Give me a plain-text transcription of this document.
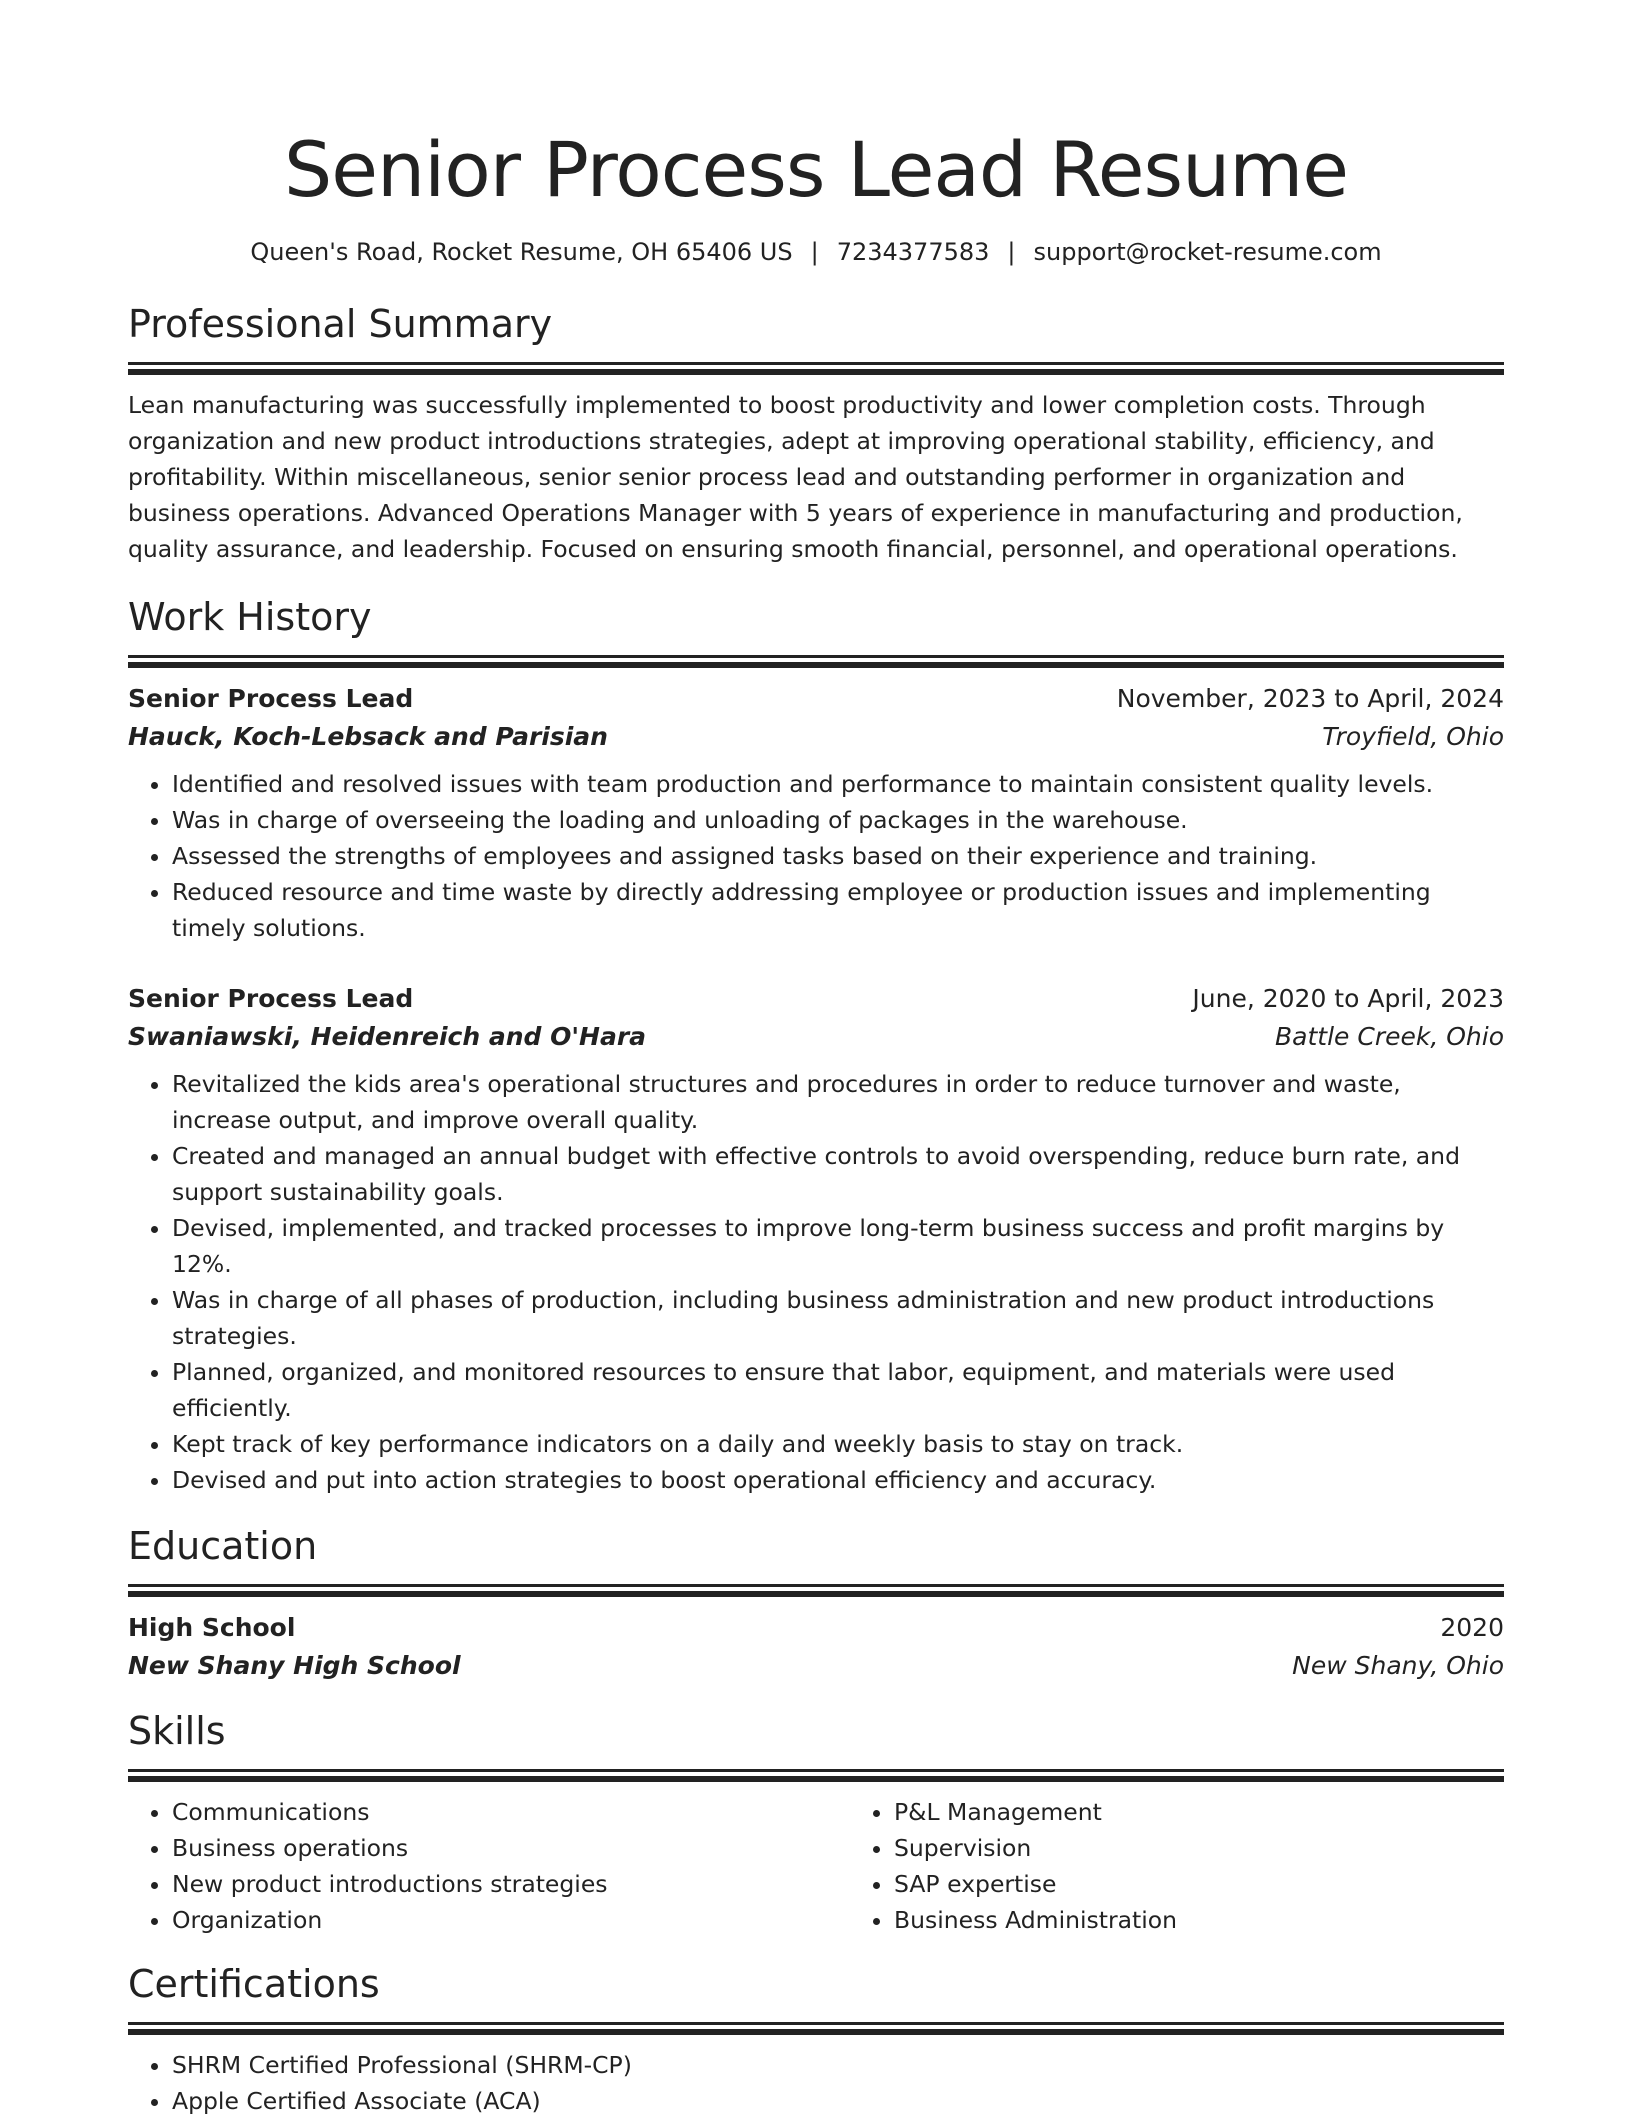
Senior Process Lead Resume
Queen's Road, Rocket Resume, OH 65406 US | 7234377583 | support@rocket-resume.com
Professional Summary

Lean manufacturing was successfully implemented to boost productivity and lower completion costs. Through organization and new product introductions strategies, adept at improving operational stability, efficiency, and profitability. Within miscellaneous, senior senior process lead and outstanding performer in organization and business operations. Advanced Operations Manager with 5 years of experience in manufacturing and production, quality assurance, and leadership. Focused on ensuring smooth financial, personnel, and operational operations.

Work History
Senior Process Lead	November, 2023 to April, 2024
Hauck, Koch-Lebsack and Parisian	Troyfield, Ohio
• Identified and resolved issues with team production and performance to maintain consistent quality levels.
• Was in charge of overseeing the loading and unloading of packages in the warehouse.
• Assessed the strengths of employees and assigned tasks based on their experience and training.
• Reduced resource and time waste by directly addressing employee or production issues and implementing timely solutions.
Senior Process Lead	June, 2020 to April, 2023
Swaniawski, Heidenreich and O'Hara	Battle Creek, Ohio
• Revitalized the kids area's operational structures and procedures in order to reduce turnover and waste, increase output, and improve overall quality.
• Created and managed an annual budget with effective controls to avoid overspending, reduce burn rate, and support sustainability goals.
• Devised, implemented, and tracked processes to improve long-term business success and profit margins by 12%.
• Was in charge of all phases of production, including business administration and new product introductions strategies.
• Planned, organized, and monitored resources to ensure that labor, equipment, and materials were used efficiently.
• Kept track of key performance indicators on a daily and weekly basis to stay on track.
• Devised and put into action strategies to boost operational efficiency and accuracy.
Education
High School	2020
New Shany High School	New Shany, Ohio
Skills
• Communications
• Business operations
• New product introductions strategies
• Organization
• P&L Management
• Supervision
• SAP expertise
• Business Administration
Certifications
• SHRM Certified Professional (SHRM-CP)
• Apple Certified Associate (ACA)
